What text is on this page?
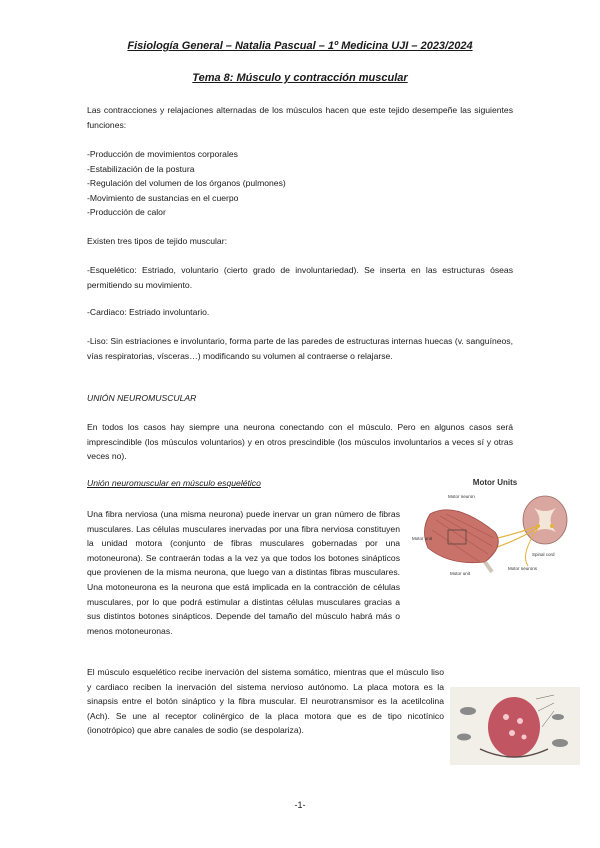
Fisiología General – Natalia Pascual – 1º Medicina UJI – 2023/2024
Tema 8: Músculo y contracción muscular
Las contracciones y relajaciones alternadas de los músculos hacen que este tejido desempeñe las siguientes funciones:
-Producción de movimientos corporales
-Estabilización de la postura
-Regulación del volumen de los órganos (pulmones)
-Movimiento de sustancias en el cuerpo
-Producción de calor
Existen tres tipos de tejido muscular:
-Esquelético: Estriado, voluntario (cierto grado de involuntariedad). Se inserta en las estructuras óseas permitiendo su movimiento.
-Cardiaco: Estriado involuntario.
-Liso: Sin estriaciones e involuntario, forma parte de las paredes de estructuras internas huecas (v. sanguíneos, vías respiratorias, vísceras…) modificando su volumen al contraerse o relajarse.
UNIÓN NEUROMUSCULAR
En todos los casos hay siempre una neurona conectando con el músculo. Pero en algunos casos será imprescindible (los músculos voluntarios) y en otros prescindible (los músculos involuntarios a veces sí y otras veces no).
Unión neuromuscular en músculo esquelético
Una fibra nerviosa (una misma neurona) puede inervar un gran número de fibras musculares. Las células musculares inervadas por una fibra nerviosa constituyen la unidad motora (conjunto de fibras musculares gobernadas por una motoneurona). Se contraerán todas a la vez ya que todos los botones sinápticos que provienen de la misma neurona, que luego van a distintas fibras musculares. Una motoneurona es la neurona que está implicada en la contracción de células musculares, por lo que podrá estimular a distintas células musculares gracias a sus distintos botones sinápticos. Depende del tamaño del músculo habrá más o menos motoneuronas.
Motor Units
Motor neuron
Motor unit
Motor unit
Motor neurons
Spinal cord
El músculo esquelético recibe inervación del sistema somático, mientras que el músculo liso y cardiaco reciben la inervación del sistema nervioso autónomo. La placa motora es la sinapsis entre el botón sináptico y la fibra muscular. El neurotransmisor es la acetilcolina (Ach). Se une al receptor colinérgico de la placa motora que es de tipo nicotínico (ionotrópico) que abre canales de sodio (se despolariza).
-1-
